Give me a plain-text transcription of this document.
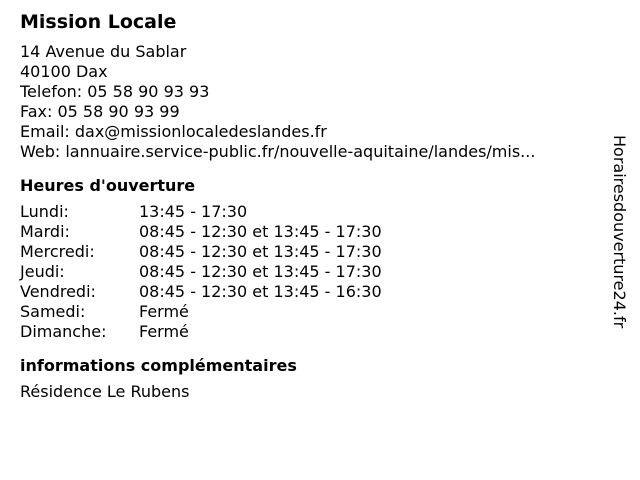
Mission Locale
14 Avenue du Sablar
40100 Dax
Telefon: 05 58 90 93 93
Fax: 05 58 90 93 99
Email: dax@missionlocaledeslandes.fr
Web: lannuaire.service-public.fr/nouvelle-aquitaine/landes/mis...
Heures d'ouverture
Lundi:	13:45 - 17:30
Mardi:	08:45 - 12:30 et 13:45 - 17:30
Mercredi:	08:45 - 12:30 et 13:45 - 17:30
Jeudi:	08:45 - 12:30 et 13:45 - 17:30
Vendredi:	08:45 - 12:30 et 13:45 - 16:30
Samedi:	Fermé
Dimanche:	Fermé
informations complémentaires
Résidence Le Rubens
Horairesdouverture24.fr
